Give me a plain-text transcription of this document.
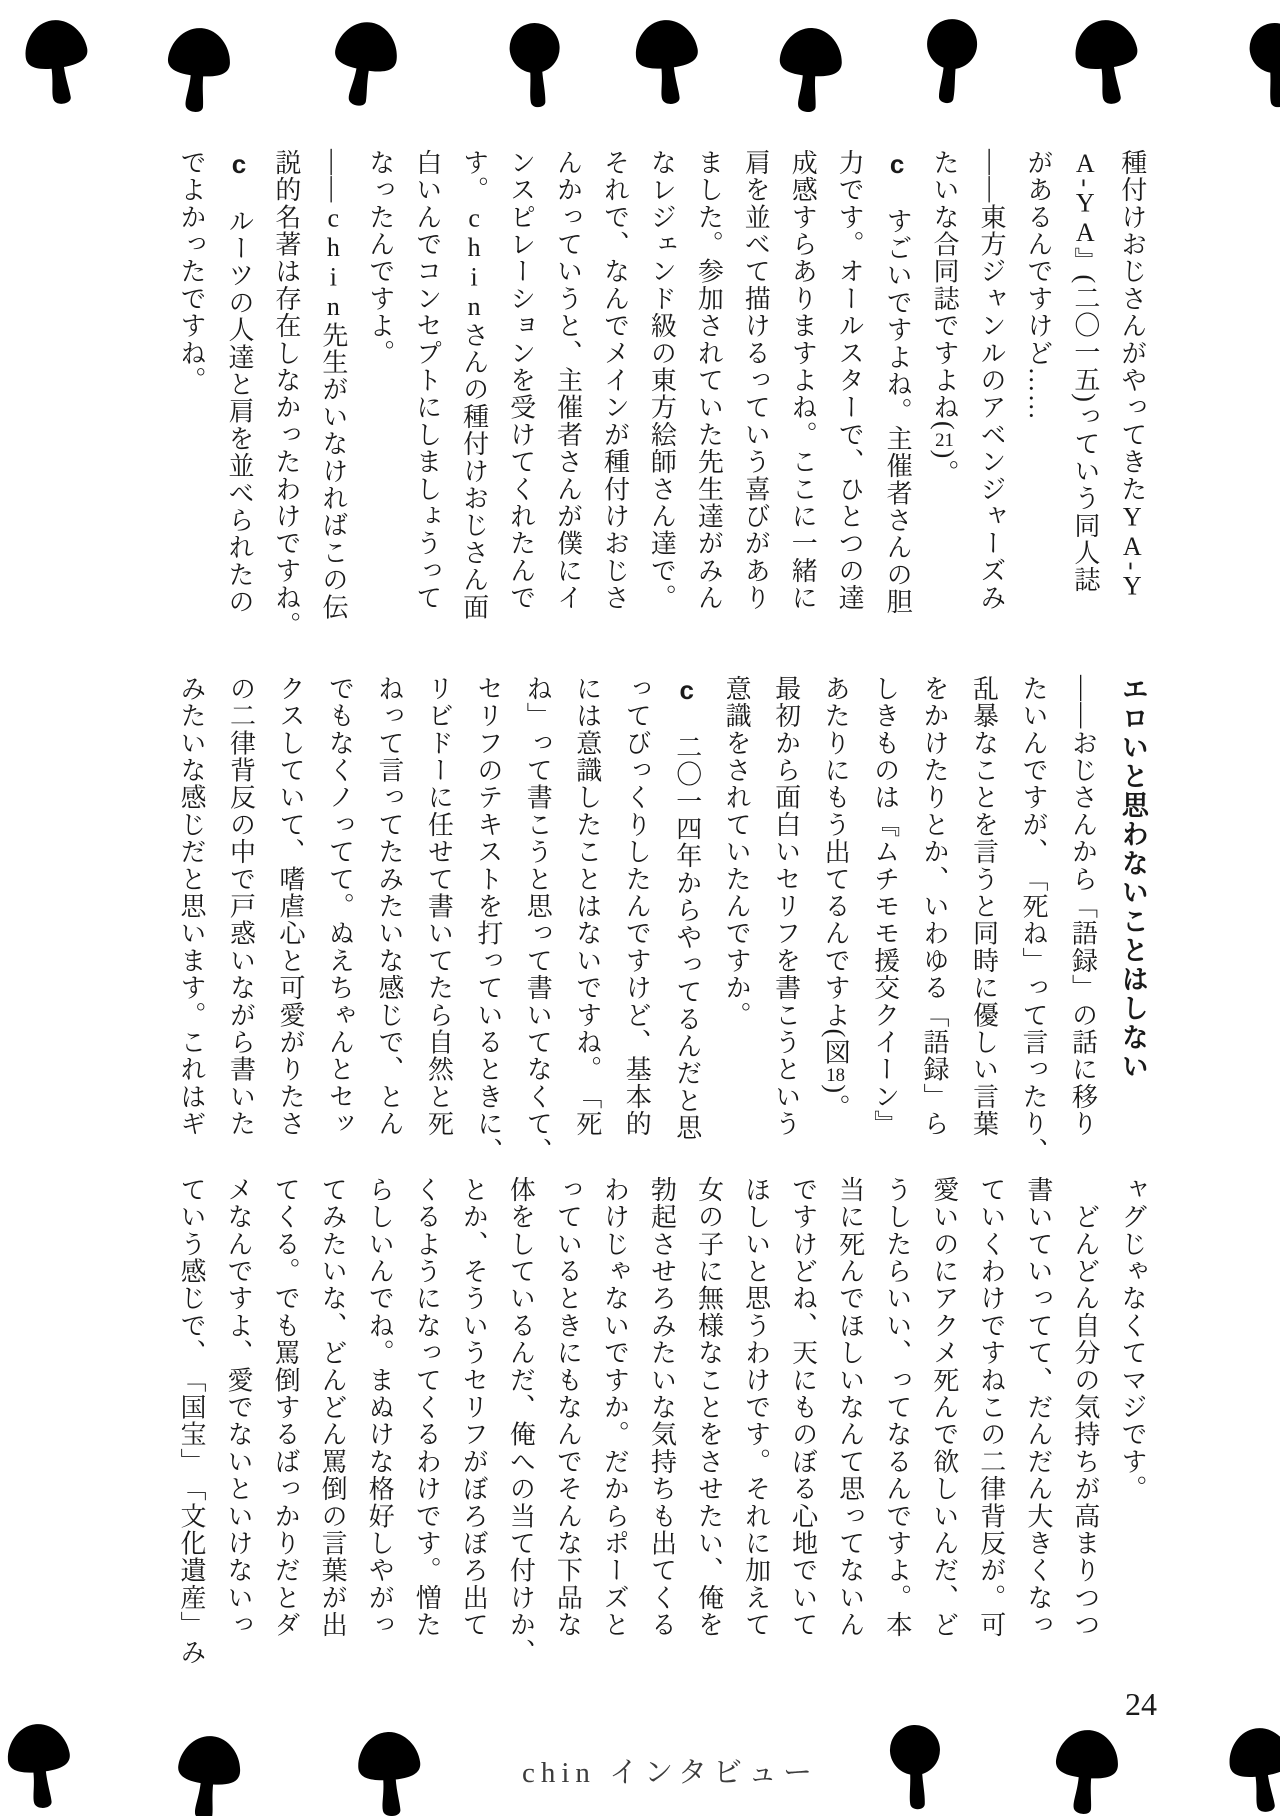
種付けおじさんがやってきたYA-Y
A-YA』(二〇一五)っていう同人誌
があるんですけど……
――東方ジャンルのアベンジャーズみ
たいな合同誌ですよね(21)。
c　すごいですよね。主催者さんの胆
力です。オールスターで、ひとつの達
成感すらありますよね。ここに一緒に
肩を並べて描けるっていう喜びがあり
ました。参加されていた先生達がみん
なレジェンド級の東方絵師さん達で。
それで、なんでメインが種付けおじさ
んかっていうと、主催者さんが僕にイ
ンスピレーションを受けてくれたんで
す。chinさんの種付けおじさん面
白いんでコンセプトにしましょうって
なったんですよ。
――chin先生がいなければこの伝
説的名著は存在しなかったわけですね。
c　ルーツの人達と肩を並べられたの
でよかったですね。
エロいと思わないことはしない
――おじさんから「語録」の話に移り
たいんですが、「死ね」って言ったり、
乱暴なことを言うと同時に優しい言葉
をかけたりとか、いわゆる「語録」ら
しきものは『ムチモモ援交クイーン』
あたりにもう出てるんですよ(図18)。
最初から面白いセリフを書こうという
意識をされていたんですか。
c　二〇一四年からやってるんだと思
ってびっくりしたんですけど、基本的
には意識したことはないですね。「死
ね」って書こうと思って書いてなくて、
セリフのテキストを打っているときに、
リビドーに任せて書いてたら自然と死
ねって言ってたみたいな感じで、とん
でもなくノってて。ぬえちゃんとセッ
クスしていて、嗜虐心と可愛がりたさ
の二律背反の中で戸惑いながら書いた
みたいな感じだと思います。これはギ
ャグじゃなくてマジです。
　どんどん自分の気持ちが高まりつつ
書いていってて、だんだん大きくなっ
ていくわけですねこの二律背反が。可
愛いのにアクメ死んで欲しいんだ、ど
うしたらいい、ってなるんですよ。本
当に死んでほしいなんて思ってないん
ですけどね、天にものぼる心地でいて
ほしいと思うわけです。それに加えて
女の子に無様なことをさせたい、俺を
勃起させろみたいな気持ちも出てくる
わけじゃないですか。だからポーズと
っているときにもなんでそんな下品な
体をしているんだ、俺への当て付けか、
とか、そういうセリフがぼろぼろ出て
くるようになってくるわけです。憎た
らしいんでね。まぬけな格好しやがっ
てみたいな、どんどん罵倒の言葉が出
てくる。でも罵倒するばっかりだとダ
メなんですよ、愛でないといけないっ
ていう感じで、「国宝」「文化遺産」み
24
chin インタビュー
